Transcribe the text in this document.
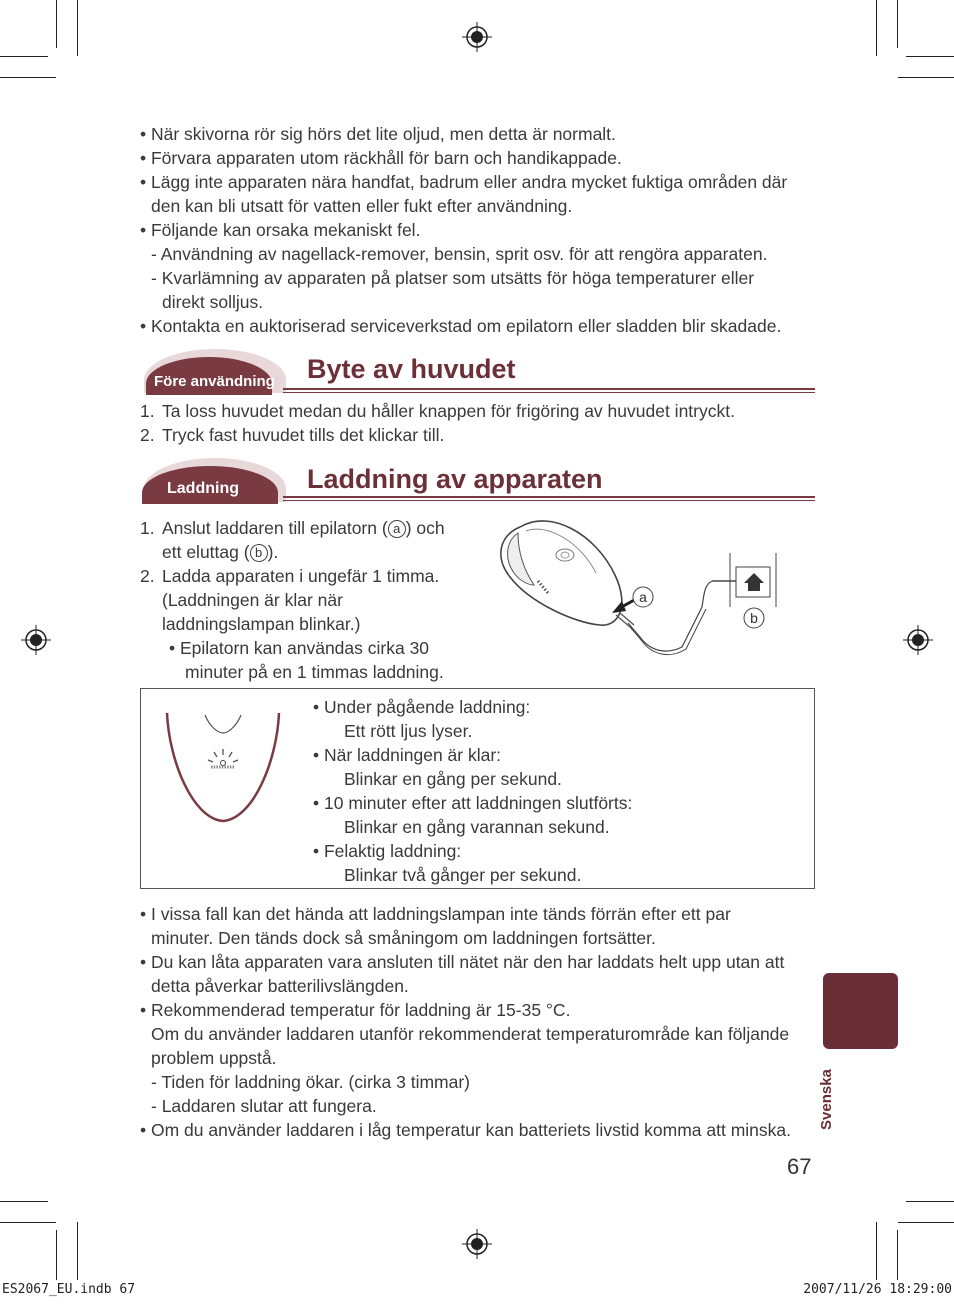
• När skivorna rör sig hörs det lite oljud, men detta är normalt.
• Förvara apparaten utom räckhåll för barn och handikappade.
• Lägg inte apparaten nära handfat, badrum eller andra mycket fuktiga områden där
den kan bli utsatt för vatten eller fukt efter användning.
• Följande kan orsaka mekaniskt fel.
- Användning av nagellack-remover, bensin, sprit osv. för att rengöra apparaten.
- Kvarlämning av apparaten på platser som utsätts för höga temperaturer eller
direkt solljus.
• Kontakta en auktoriserad serviceverkstad om epilatorn eller sladden blir skadade.
Före användning Byte av huvudet
1. Ta loss huvudet medan du håller knappen för frigöring av huvudet intryckt.
2. Tryck fast huvudet tills det klickar till.
Laddning	Laddning av apparaten
1. Anslut laddaren till epilatorn ( a ) och
ett eluttag ( b ).
2. Ladda apparaten i ungefär 1 timma.
(Laddningen är klar när
laddningslampan blinkar.)
• Epilatorn kan användas cirka 30
minuter på en 1 timmas laddning.
a
b
• Under pågående laddning:
Ett rött ljus lyser.
• När laddningen är klar:
Blinkar en gång per sekund.
• 10 minuter efter att laddningen slutförts:
Blinkar en gång varannan sekund.
• Felaktig laddning:
Blinkar två gånger per sekund.
• I vissa fall kan det hända att laddningslampan inte tänds förrän efter ett par
minuter. Den tänds dock så småningom om laddningen fortsätter.
• Du kan låta apparaten vara ansluten till nätet när den har laddats helt upp utan att
detta påverkar batterilivslängden.
• Rekommenderad temperatur för laddning är 15-35 °C.
Om du använder laddaren utanför rekommenderat temperaturområde kan följande
problem uppstå.
- Tiden för laddning ökar. (cirka 3 timmar)
- Laddaren slutar att fungera.
• Om du använder laddaren i låg temperatur kan batteriets livstid komma att minska. Svenska
67
ES2067_EU.indb 67	2007/11/26 18:29:00
